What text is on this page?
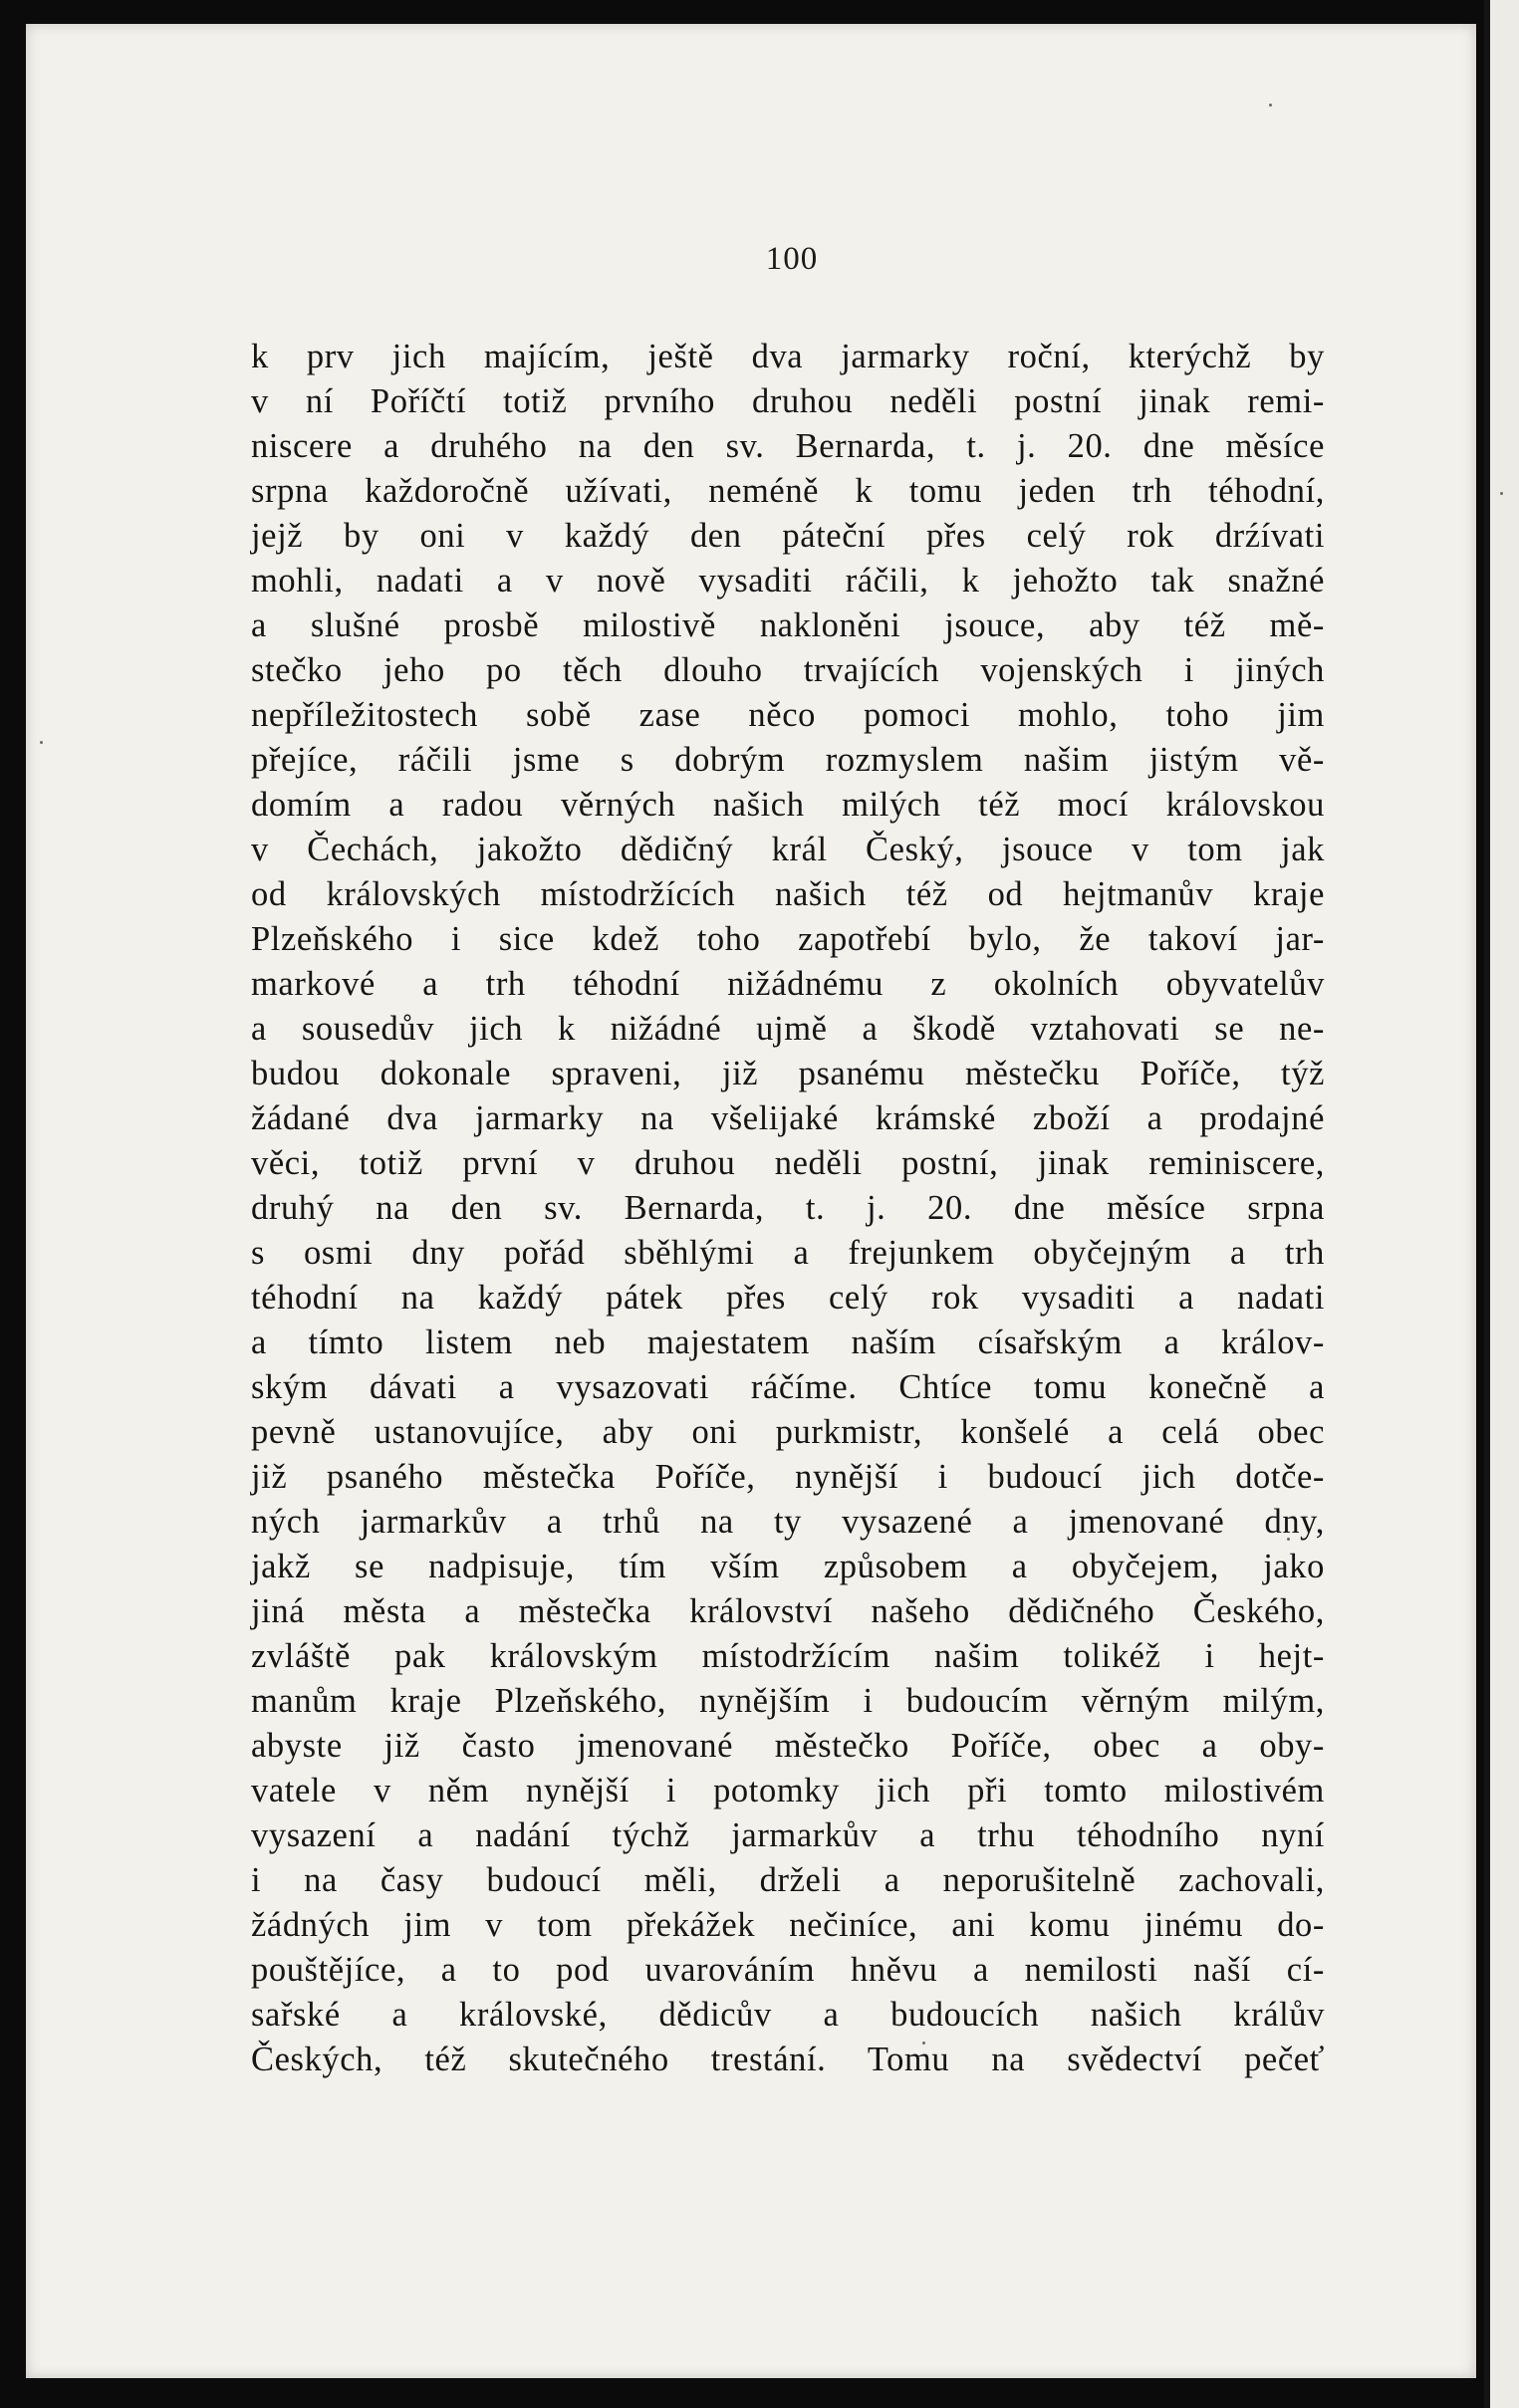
100
k prv jich majícím, ještě dva jarmarky roční, kterýchž by
v ní Poříčtí totiž prvního druhou neděli postní jinak remi-
niscere a druhého na den sv. Bernarda, t. j. 20. dne měsíce
srpna každoročně užívati, neméně k tomu jeden trh téhodní,
jejž by oni v každý den páteční přes celý rok drźívati
mohli, nadati a v nově vysaditi ráčili, k jehožto tak snažné
a slušné prosbě milostivě nakloněni jsouce, aby též mě-
stečko jeho po těch dlouho trvajících vojenských i jiných
nepříležitostech sobě zase něco pomoci mohlo, toho jim
přejíce, ráčili jsme s dobrým rozmyslem našim jistým vě-
domím a radou věrných našich milých též mocí královskou
v Čechách, jakožto dědičný král Český, jsouce v tom jak
od královských místodržících našich též od hejtmanův kraje
Plzeňského i sice kdež toho zapotřebí bylo, že takoví jar-
markové a trh téhodní nižádnému z okolních obyvatelův
a sousedův jich k nižádné ujmě a škodě vztahovati se ne-
budou dokonale spraveni, již psanému městečku Poříče, týž
žádané dva jarmarky na všelijaké krámské zboží a prodajné
věci, totiž první v druhou neděli postní, jinak reminiscere,
druhý na den sv. Bernarda, t. j. 20. dne měsíce srpna
s osmi dny pořád sběhlými a frejunkem obyčejným a trh
téhodní na každý pátek přes celý rok vysaditi a nadati
a tímto listem neb majestatem naším císařským a králov-
ským dávati a vysazovati ráčíme. Chtíce tomu konečně a
pevně ustanovujíce, aby oni purkmistr, konšelé a celá obec
již psaného městečka Poříče, nynější i budoucí jich dotče-
ných jarmarkův a trhů na ty vysazené a jmenované dny,
jakž se nadpisuje, tím vším způsobem a obyčejem, jako
jiná města a městečka království našeho dědičného Českého,
zvláště pak královským místodržícím našim tolikéž i hejt-
manům kraje Plzeňského, nynějším i budoucím věrným milým,
abyste již často jmenované městečko Poříče, obec a oby-
vatele v něm nynější i potomky jich při tomto milostivém
vysazení a nadání týchž jarmarkův a trhu téhodního nyní
i na časy budoucí měli, drželi a neporušitelně zachovali,
žádných jim v tom překážek nečiníce, ani komu jinému do-
pouštějíce, a to pod uvarováním hněvu a nemilosti naší cí-
sařské a královské, dědicův a budoucích našich králův
Českých, též skutečného trestání. Tomu na svědectví pečeť
